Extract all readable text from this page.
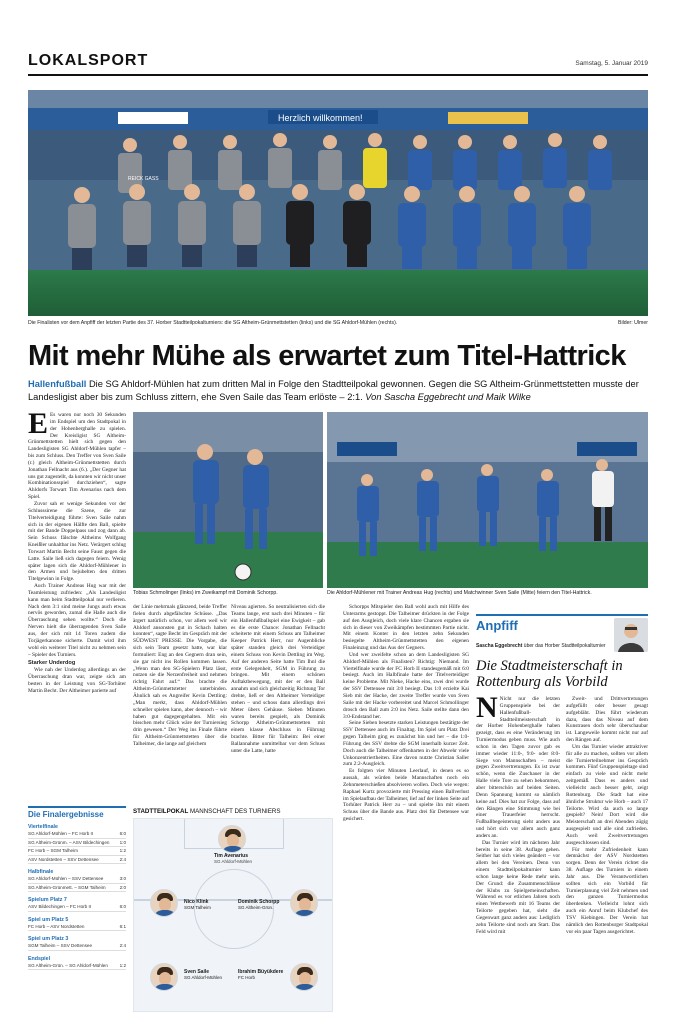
LOKALSPORT	Samstag, 5. Januar 2019
Herzlich willkommen!
REICK GASS
Die Finalisten vor dem Anpfiff der letzten Partie des 37. Horber Stadtteilpokalturniers: die SG Altheim-Grünmettstetten (links) und die SG Ahldorf-Mühlen (rechts).	Bilder: Ulmer
Mit mehr Mühe als erwartet zum Titel-Hattrick
Hallenfußball Die SG Ahldorf-Mühlen hat zum dritten Mal in Folge den Stadtteilpokal gewonnen. Gegen die SG Altheim-Grünmettstetten musste der Landesligist aber bis zum Schluss zittern, ehe Sven Saile das Team erlöste – 2:1. Von Sascha Eggebrecht und Maik Wilke
E Es waren nur noch 30 Sekunden im Endspiel um den Stadtpokal in der Hohenberghalle zu spielen. Der Kreisligist SG Altheim-Grünmettstetten hielt sich gegen den Landesligisten SG Ahldorf-Mühlen tapfer – bis zum Schluss. Den Treffer von Sven Saile (r.) gleich Altheim-Grünmettstetten durch Jonathan Fellnacht aus (6.). „Der Gegner hat uns gut zugestellt, da konnten wir nicht unser Kombinationsspiel durchziehen“, sagte Ahldorfs Torwart Tim Avenarius nach dem Spiel.

Zuvor sah er wenige Sekunden vor der Schlusssirene die Szene, die zur Titelverteidigung führte: Sven Saile nahm sich in der eigenen Hälfte den Ball, spielte mit der Bande Doppelpass und zog dann ab. Sein Schuss fälschte Altheims Wolfgang Kneißler unhaltbar ins Netz. Verärgert schlug Torwart Martin Becht seine Faust gegen die Latte. Saile ließ sich dagegen feiern. Wenig später lagen sich die Ahldorf-Mühlener in den Armen und bejubelten den dritten Titelgewinn in Folge.

Auch Trainer Andreas Hug war mit der Teamleistung zufrieden: „Als Landesligist kann man beim Stadtteilpokal nur verlieren. Nach dem 3:1 sind meine Jungs auch etwas nervös geworden, zumal die Halle auch die Überraschung sehen wollte.“ Doch die Nerven hielt die überragenden Sven Saile aus, der sich mit 14 Toren zudem die Torjägerkanone sicherte. Damit wird ihm wohl ein weiterer Titel nicht zu nehmen sein – Spieler des Turniers.

Starker Underdog

Wie nah der Underdog allerdings an der Überraschung dran war, zeigte sich am besten in der Leistung von SG-Torhüter Martin Becht. Der Altheimer parierte auf

Tobias Schmolinger (links) im Zweikampf mit Dominik Schorpp.	Die Ahldorf-Mühlener mit Trainer Andreas Hug (rechts) und Matchwinner Sven Saile (Mitte) feiern den Titel-Hattrick.
der Linie mehrmals glänzend, beide Treffer fielen durch abgefälschte Schüsse. „Das ärgert natürlich schon, vor allem weil wir Ahldorf ansonsten gut in Schach halten konnten“, sagte Becht im Gespräch mit der SÜDWEST PRESSE. Die Vorgabe, die sich sein Team gesetzt hatte, war klar formuliert: Eng an den Gegnern dran sein, sie gar nicht ins Rollen kommen lassen. „Wenn man den SG-Spielern Platz lässt, nutzen sie die Nerzenfreiheit und nehmen richtig Fahrt auf.“ Das brachte die Altheim-Grünmettstetter unterbinden. Ähnlich sah es Angreifer Kevin Dettling: „Man merkt, dass Ahldorf-Mühlen schneller spielen kann, aber dennoch – wir haben gut dagegengehalten. Mit ein bisschen mehr Glück wäre der Turniersieg drin gewesen.“ Der Weg ins Finale führte für Altheim-Grünmettstetten über die Talheimer, die lange auf gleichem
Niveau agierten. So neutralisierten sich die Teams lange, erst nach drei Minuten – für ein Hallenfußballspiel eine Ewigkeit – gab es die erste Chance: Jonathan Fellnacht scheiterte mit einem Schuss am Talheimer Keeper Patrick Herr, nur Augenblicke später standen gleich drei Verteidiger einem Schuss von Kevin Dettling im Weg. Auf der anderen Seite hatte Tim Ihnl die erste Gelegenheit, SGM in Führung zu bringen. Mit einem schönen Auftaktbewegung, mit der er den Ball annahm und sich gleichzeitig Richtung Tor drehte, ließ er den Altheimer Verteidiger stehen – und schoss dann allerdings drei Meter übers Gehäuse. Sieben Minuten waren bereits gespielt, als Dominik Schorpp Altheim-Grünmettstetten mit einem klasse Abschluss in Führung brachte. Bitter für Talheim: Bei einer Ballannahme unmittelbar vor dem Schuss unter die Latte, hatte

Schorpps Mitspieler den Ball wohl auch mit Hilfe des Unterarms gestoppt. Die Talheimer drückten in der Folge auf den Ausgleich, doch viele klare Chancen ergaben sie sich in dieser von Zweikämpfen bestimmten Partie nicht. Mit einem Konter in den letzten zehn Sekunden besiegelte Altheim-Grünmettstetten den eigenen Finaleinzug und das Aus der Gegners.

Und wer zweifelte schon an dem Landesligisten SG Ahldorf-Mühlen als Finalisten? Richtig: Niemand. Im Viertelfinale wurde der FC Horb II standesgemäß mit 6:0 besiegt. Auch im Halbfinale hatte der Titelverteidiger keine Probleme. Mit Nieke, Hacke eins, zwei drei wurde der SSV Dettensee mit 3:0 besiegt. Das 1:0 erzielte Kai Sieb mit der Hacke, der zweite Treffer wurde von Sven Saile mit der Hacke vorbereitet und Marcel Schmollinger drosch den Ball zum 2:0 ins Netz. Saile stellte dann den 3:0-Endstand her.

Seine Sieben besetzte starken Leistungen bestätigte der SSV Dettensee auch im Finaltag. Im Spiel um Platz Drei gegen Talheim ging es zunächst hin und her – die 1:0-Führung des SSV drehte die SGM innerhalb kurzer Zeit. Doch auch die Talheimer offenbarten in der Abwehr viele Unkonzentriertheiten. Eine davon nutzte Christian Saller zum 2:2-Ausgleich.

Es folgten vier Minuten Leerlauf, in denen es so aussah, als würden beide Mannschaften noch ein Zehnmeterschießen absolvieren wollen. Doch wie wegen: Raphael Kurtz provozierte mit Pressing einen Ballverlust im Spielaufbau der Talheimer, lief auf der linken Seite auf Torhüter Patrick Herr zu – und spielte ihn mit einem Schuss über die Bande aus. Platz drei für Dettensee war gesichert.

Die Finalergebnisse
Viertelfinale
SG Ahldorf-Mühlen – FC Horb II	6:0
SG Altheim-Grünm. – ASV Bildechingen 1:0
FC Horb – SGM Talheim	1:2
ASV Nordstetten – SSV Dettensee	2:4
Halbfinale
SG Ahldorf-Mühlen – SSV Dettensee	3:0
SG Altheim-Grünmett. – SGM Talheim	2:0
Spielum Platz 7
ASV Bildechingen – FC Horb II	6:0
Spiel um Platz 5
FC Horb – ASV Nordstetten	6:1
Spiel um Platz 3
SGM Talheim – SSV Dettensee	2:4
Endspiel
SG Altheim-Grün. – SG Ahldorf-Mühlen	1:2
STADTTEILPOKAL MANNSCHAFT DES TURNIERS
Tim Avenarius
SG Ahldorf-Mühlen
Nico Klink
SGM Talheim
Dominik Schorpp
SG Altheim-Grün.
Sven Saile
SG Ahldorf-Mühlen
Ibrahim Büyükdere
FC Horb
Anpfiff
Sascha Eggebrecht über das Horber Stadtteilpokalturnier
Die Stadtmeisterschaft in Rottenburg als Vorbild
N Nicht nur die letzten Gruppenspiele bei der Hallenfußball-Stadtteilmeisterschaft in der Horber Hohenberghalle haben gezeigt, dass es eine Veränderung im Turniermodus geben muss. Wie auch schon in den Tagen zuvor gab es immer wieder 11:0-, 9:0- oder 8:0-Siege von Mannschaften – meist gegen Zweitvertretungen. Es ist zwar schön, wenn die Zuschauer in der Halle viele Tore zu sehen bekommen, aber bitterschön auf beiden Seiten. Denn Spannung kommt so nämlich keine auf. Dies hat zur Folge, dass auf den Rängen eine Stimmung wie bei einer Trauerfeier herrscht. Fußballbegeisterung sieht anders aus und hört sich vor allem auch ganz anders an.

Das Turnier wird im nächsten Jahr bereits in seine 38. Auflage gehen. Seither hat sich vieles geändert – vor allem bei den Vereinen. Denn von einem Stadtteilpokalturnier kann schon lange keine Rede mehr sein. Der Grund: die Zusammenschlüsse der Klubs zu Spielgemeinschaften. Während es vor etlichen Jahren noch einen Wettbewerb mit 16 Teams der Teilorte gegeben hat, sieht die Gegenwart ganz anders aus: Lediglich zehn Teilorte sind noch am Start. Das Feld wird mit

Zweit- und Drittvertretungen aufgefüllt oder besser gesagt aufgebläht. Dies führt wiederum dazu, dass das Niveau auf dem Kunstrasen doch sehr überschaubar ist. Langeweile kommt nicht nur auf den Rängen auf.

Um das Turnier wieder attraktiver für alle zu machen, sollten vor allem die Turnierteilnehmer ins Gespräch kommen. Fünf Gruppenspieltage sind einfach zu viele und nicht mehr zeitgemäß. Dass es anders und vielleicht auch besser geht, zeigt Rottenburg. Die Stadt hat eine ähnliche Struktur wie Horb – auch 17 Teilorte. Wird da auch so lange gespielt? Nein! Dort wird die Meisterschaft an drei Abenden zügig ausgespielt und alle sind zufrieden. Auch weil Zweitvertretungen ausgeschlossen sind.

Für mehr Zufriedenheit kann demnächst der ASV Nordstetten sorgen. Denn der Verein richtet die 38. Auflage des Turniers in einem Jahr aus. Die Verantwortlichen sollten sich ein Vorbild für Turnierplanung viel Zeit nehmen und den ganzen Turniermodus überdenken. Vielleicht lohnt sich auch ein Anruf beim Klubchef des TSV Kiebingen. Der Verein hat nämlich den Rottenburger Stadtpokal vor ein paar Tagen ausgerichtet.
